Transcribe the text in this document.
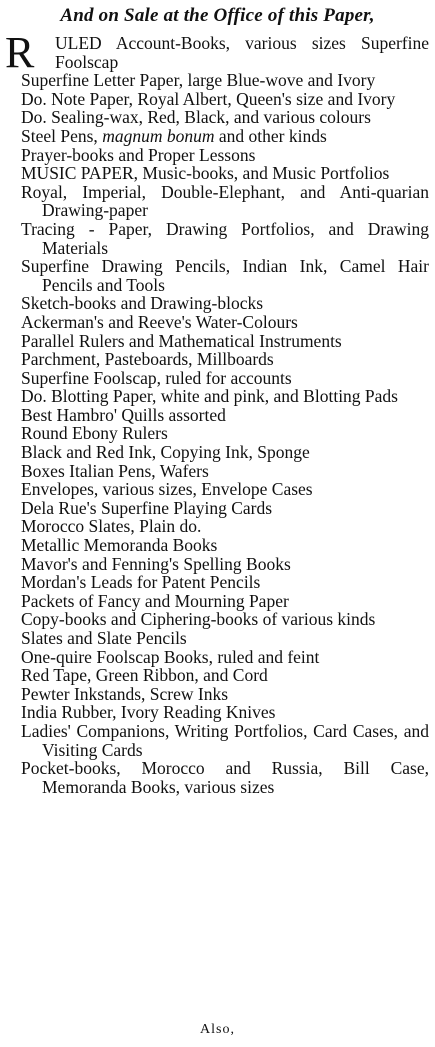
And on Sale at the Office of this Paper,
R ULED Account-Books, various sizes Superfine Foolscap
Superfine Letter Paper, large Blue-wove and Ivory
Do. Note Paper, Royal Albert, Queen's size and Ivory
Do. Sealing-wax, Red, Black, and various colours
Steel Pens, magnum bonum and other kinds
Prayer-books and Proper Lessons
MUSIC PAPER, Music-books, and Music Portfolios
Royal, Imperial, Double-Elephant, and Anti-quarian Drawing-paper
Tracing - Paper, Drawing Portfolios, and Drawing Materials
Superfine Drawing Pencils, Indian Ink, Camel Hair Pencils and Tools
Sketch-books and Drawing-blocks
Ackerman's and Reeve's Water-Colours
Parallel Rulers and Mathematical Instruments
Parchment, Pasteboards, Millboards
Superfine Foolscap, ruled for accounts
Do. Blotting Paper, white and pink, and Blotting Pads
Best Hambro' Quills assorted
Round Ebony Rulers
Black and Red Ink, Copying Ink, Sponge
Boxes Italian Pens, Wafers
Envelopes, various sizes, Envelope Cases
Dela Rue's Superfine Playing Cards
Morocco Slates, Plain do.
Metallic Memoranda Books
Mavor's and Fenning's Spelling Books
Mordan's Leads for Patent Pencils
Packets of Fancy and Mourning Paper
Copy-books and Ciphering-books of various kinds
Slates and Slate Pencils
One-quire Foolscap Books, ruled and feint
Red Tape, Green Ribbon, and Cord
Pewter Inkstands, Screw Inks
India Rubber, Ivory Reading Knives
Ladies' Companions, Writing Portfolios, Card Cases, and Visiting Cards
Pocket-books, Morocco and Russia, Bill Case, Memoranda Books, various sizes
Also,
